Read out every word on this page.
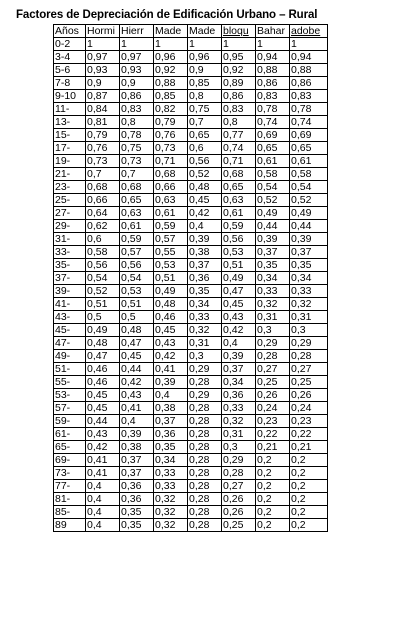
Factores de Depreciación de Edificación Urbano – Rural
Años	Hormi	Hierr	Made	Made	bloqu	Bahar	adobe
0-2	1	1	1	1	1	1	1
3-4	0,97	0,97	0,96	0,96	0,95	0,94	0,94
5-6	0,93	0,93	0,92	0,9	0,92	0,88	0,88
7-8	0,9	0,9	0,88	0,85	0,89	0,86	0,86
9-10	0,87	0,86	0,85	0,8	0,86	0,83	0,83
11-	0,84	0,83	0,82	0,75	0,83	0,78	0,78
13-	0,81	0,8	0,79	0,7	0,8	0,74	0,74
15-	0,79	0,78	0,76	0,65	0,77	0,69	0,69
17-	0,76	0,75	0,73	0,6	0,74	0,65	0,65
19-	0,73	0,73	0,71	0,56	0,71	0,61	0,61
21-	0,7	0,7	0,68	0,52	0,68	0,58	0,58
23-	0,68	0,68	0,66	0,48	0,65	0,54	0,54
25-	0,66	0,65	0,63	0,45	0,63	0,52	0,52
27-	0,64	0,63	0,61	0,42	0,61	0,49	0,49
29-	0,62	0,61	0,59	0,4	0,59	0,44	0,44
31-	0,6	0,59	0,57	0,39	0,56	0,39	0,39
33-	0,58	0,57	0,55	0,38	0,53	0,37	0,37
35-	0,56	0,56	0,53	0,37	0,51	0,35	0,35
37-	0,54	0,54	0,51	0,36	0,49	0,34	0,34
39-	0,52	0,53	0,49	0,35	0,47	0,33	0,33
41-	0,51	0,51	0,48	0,34	0,45	0,32	0,32
43-	0,5	0,5	0,46	0,33	0,43	0,31	0,31
45-	0,49	0,48	0,45	0,32	0,42	0,3	0,3
47-	0,48	0,47	0,43	0,31	0,4	0,29	0,29
49-	0,47	0,45	0,42	0,3	0,39	0,28	0,28
51-	0,46	0,44	0,41	0,29	0,37	0,27	0,27
55-	0,46	0,42	0,39	0,28	0,34	0,25	0,25
53-	0,45	0,43	0,4	0,29	0,36	0,26	0,26
57-	0,45	0,41	0,38	0,28	0,33	0,24	0,24
59-	0,44	0,4	0,37	0,28	0,32	0,23	0,23
61-	0,43	0,39	0,36	0,28	0,31	0,22	0,22
65-	0,42	0,38	0,35	0,28	0,3	0,21	0,21
69-	0,41	0,37	0,34	0,28	0,29	0,2	0,2
73-	0,41	0,37	0,33	0,28	0,28	0,2	0,2
77-	0,4	0,36	0,33	0,28	0,27	0,2	0,2
81-	0,4	0,36	0,32	0,28	0,26	0,2	0,2
85-	0,4	0,35	0,32	0,28	0,26	0,2	0,2
89	0,4	0,35	0,32	0,28	0,25	0,2	0,2
